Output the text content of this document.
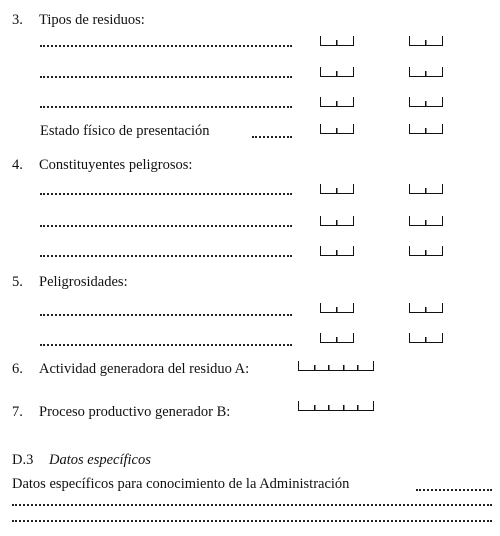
3. Tipos de residuos:
Estado físico de presentación
4. Constituyentes peligrosos:
5. Peligrosidades:
6. Actividad generadora del residuo A:
7. Proceso productivo generador B:
D.3 Datos específicos
Datos específicos para conocimiento de la Administración
